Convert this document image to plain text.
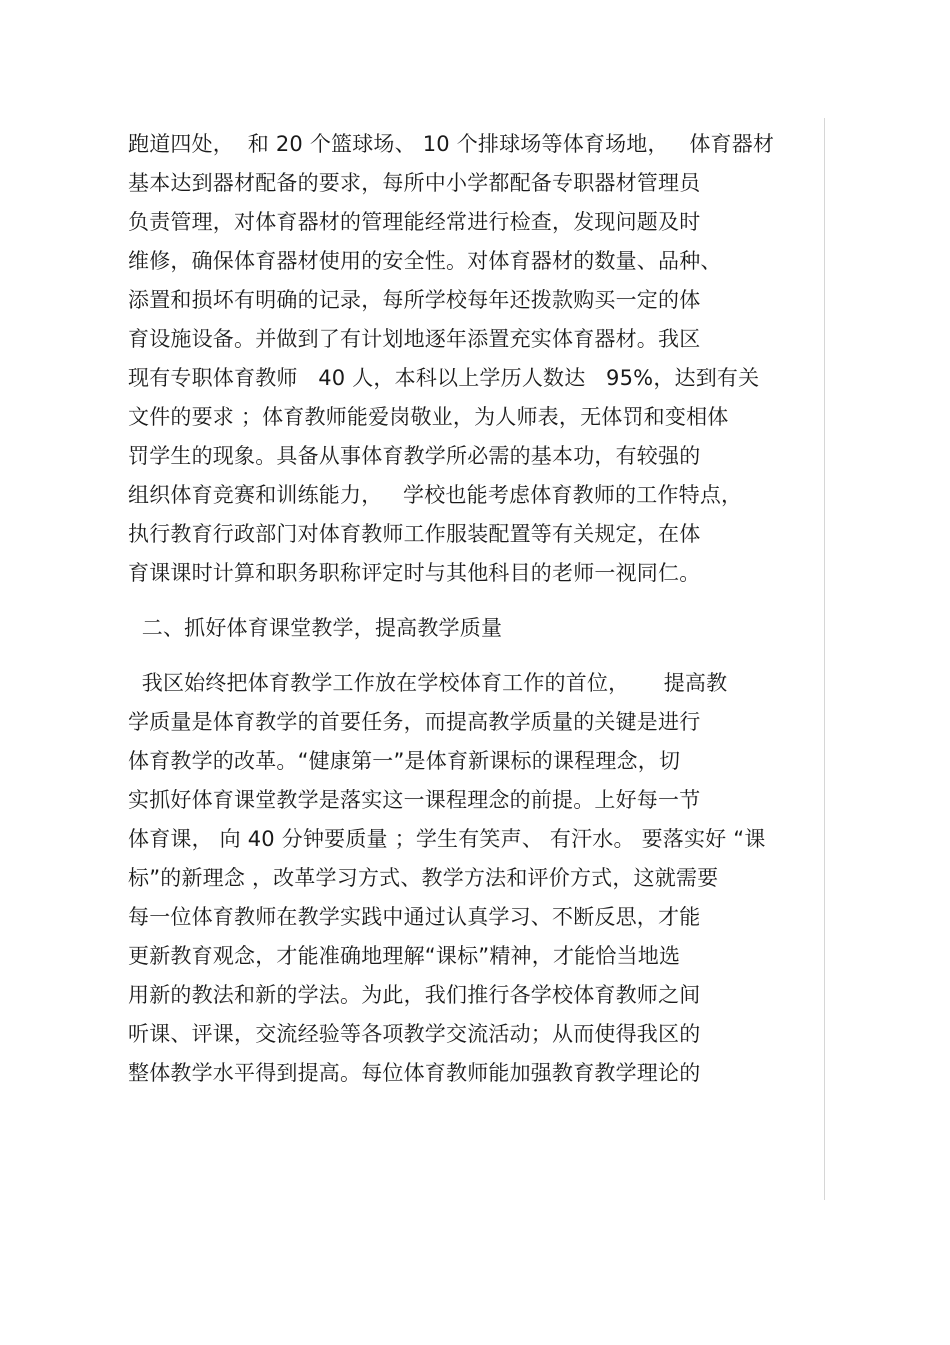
跑道四处，  和 20 个篮球场、 10 个排球场等体育场地，   体育器材
基本达到器材配备的要求，每所中小学都配备专职器材管理员
负责管理，对体育器材的管理能经常进行检查，发现问题及时
维修，确保体育器材使用的安全性。对体育器材的数量、品种、
添置和损坏有明确的记录，每所学校每年还拨款购买一定的体
育设施设备。并做到了有计划地逐年添置充实体育器材。我区
现有专职体育教师   40 人，本科以上学历人数达   95%，达到有关
文件的要求 ；体育教师能爱岗敬业，为人师表，无体罚和变相体
罚学生的现象。具备从事体育教学所必需的基本功，有较强的
组织体育竞赛和训练能力，   学校也能考虑体育教师的工作特点，
执行教育行政部门对体育教师工作服装配置等有关规定，在体
育课课时计算和职务职称评定时与其他科目的老师一视同仁。
二、抓好体育课堂教学，提高教学质量
我区始终把体育教学工作放在学校体育工作的首位，     提高教
学质量是体育教学的首要任务，而提高教学质量的关键是进行
体育教学的改革。“健康第一”是体育新课标的课程理念，切
实抓好体育课堂教学是落实这一课程理念的前提。上好每一节
体育课， 向 40 分钟要质量 ；学生有笑声、 有汗水。 要落实好 “课
标”的新理念 ，改革学习方式、教学方法和评价方式，这就需要
每一位体育教师在教学实践中通过认真学习、不断反思，才能
更新教育观念，才能准确地理解“课标”精神，才能恰当地选
用新的教法和新的学法。为此，我们推行各学校体育教师之间
听课、评课，交流经验等各项教学交流活动；从而使得我区的
整体教学水平得到提高。每位体育教师能加强教育教学理论的
